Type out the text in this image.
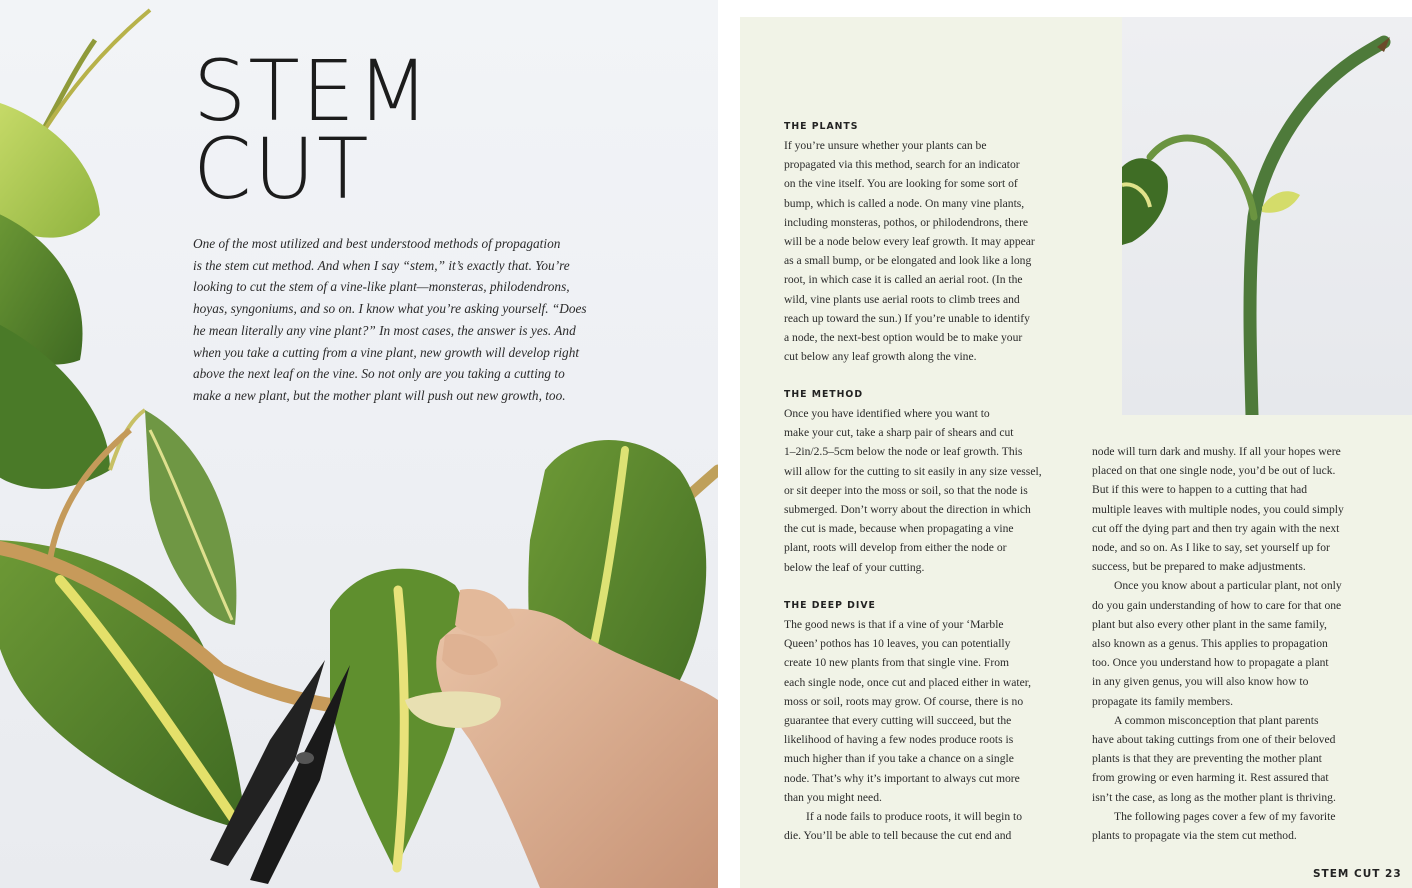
STEM
CUT

One of the most utilized and best understood methods of propagation
is the stem cut method. And when I say “stem,” it’s exactly that. You’re
looking to cut the stem of a vine-like plant—monsteras, philodendrons,
hoyas, syngoniums, and so on. I know what you’re asking yourself. “Does
he mean literally any vine plant?” In most cases, the answer is yes. And
when you take a cutting from a vine plant, new growth will develop right
above the next leaf on the vine. So not only are you taking a cutting to
make a new plant, but the mother plant will push out new growth, too.

THE PLANTS
If you’re unsure whether your plants can be
propagated via this method, search for an indicator
on the vine itself. You are looking for some sort of
bump, which is called a node. On many vine plants,
including monsteras, pothos, or philodendrons, there
will be a node below every leaf growth. It may appear
as a small bump, or be elongated and look like a long
root, in which case it is called an aerial root. (In the
wild, vine plants use aerial roots to climb trees and
reach up toward the sun.) If you’re unable to identify
a node, the next-best option would be to make your
cut below any leaf growth along the vine.
THE METHOD
Once you have identified where you want to
make your cut, take a sharp pair of shears and cut
1–2in/2.5–5cm below the node or leaf growth. This
will allow for the cutting to sit easily in any size vessel,
or sit deeper into the moss or soil, so that the node is
submerged. Don’t worry about the direction in which
the cut is made, because when propagating a vine
plant, roots will develop from either the node or
below the leaf of your cutting.
THE DEEP DIVE
The good news is that if a vine of your ‘Marble
Queen’ pothos has 10 leaves, you can potentially
create 10 new plants from that single vine. From
each single node, once cut and placed either in water,
moss or soil, roots may grow. Of course, there is no
guarantee that every cutting will succeed, but the
likelihood of having a few nodes produce roots is
much higher than if you take a chance on a single
node. That’s why it’s important to always cut more
than you might need.
If a node fails to produce roots, it will begin to
die. You’ll be able to tell because the cut end and
node will turn dark and mushy. If all your hopes were
placed on that one single node, you’d be out of luck.
But if this were to happen to a cutting that had
multiple leaves with multiple nodes, you could simply
cut off the dying part and then try again with the next
node, and so on. As I like to say, set yourself up for
success, but be prepared to make adjustments.
Once you know about a particular plant, not only
do you gain understanding of how to care for that one
plant but also every other plant in the same family,
also known as a genus. This applies to propagation
too. Once you understand how to propagate a plant
in any given genus, you will also know how to
propagate its family members.
A common misconception that plant parents
have about taking cuttings from one of their beloved
plants is that they are preventing the mother plant
from growing or even harming it. Rest assured that
isn’t the case, as long as the mother plant is thriving.
The following pages cover a few of my favorite
plants to propagate via the stem cut method.
STEM CUT 23
